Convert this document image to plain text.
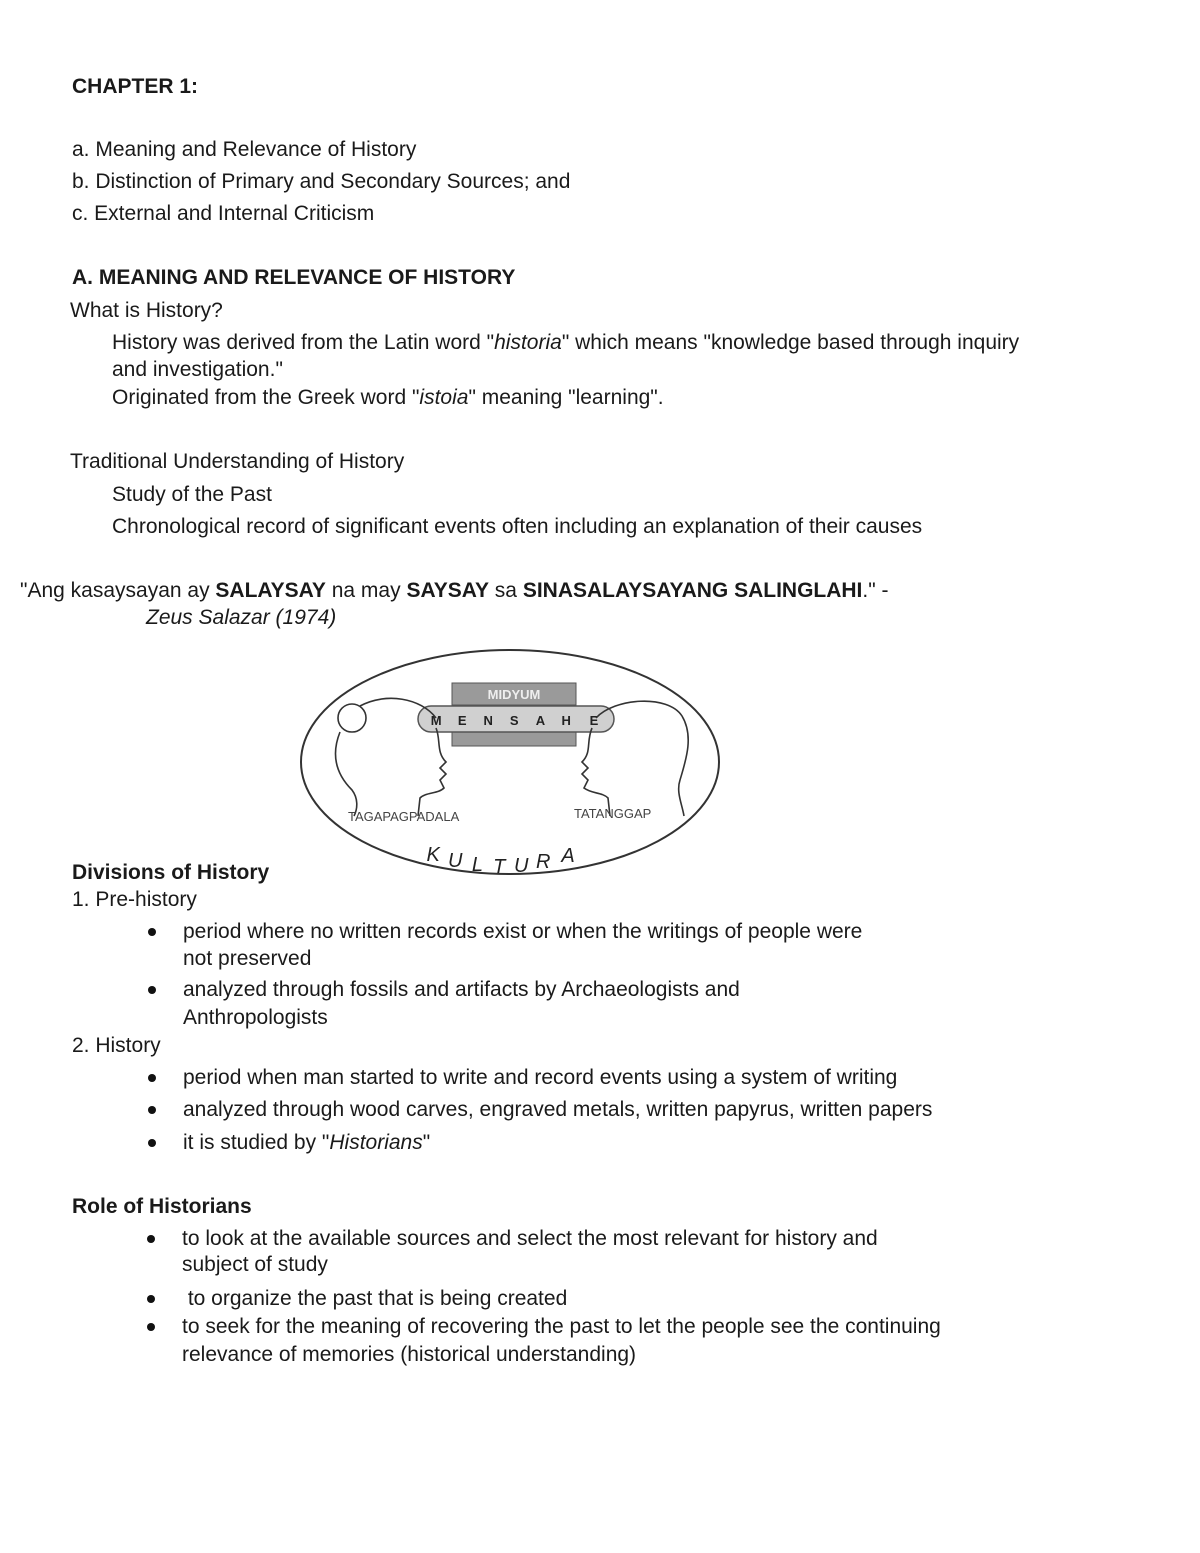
CHAPTER 1:
a. Meaning and Relevance of History
b. Distinction of Primary and Secondary Sources; and
c. External and Internal Criticism
A. MEANING AND RELEVANCE OF HISTORY
What is History?
History was derived from the Latin word "historia" which means "knowledge based through inquiry
and investigation."
Originated from the Greek word "istoia" meaning "learning".
Traditional Understanding of History
Study of the Past
Chronological record of significant events often including an explanation of their causes
"Ang kasaysayan ay SALAYSAY na may SAYSAY sa SINASALAYSAYANG SALINGLAHI." -
Zeus Salazar (1974)
MIDYUM
M E N S A H E
TAGAPAGPADALA	TATANGGAP
K U L T U R A
Divisions of History
1. Pre-history
period where no written records exist or when the writings of people were
not preserved
analyzed through fossils and artifacts by Archaeologists and
Anthropologists
2. History
period when man started to write and record events using a system of writing
analyzed through wood carves, engraved metals, written papyrus, written papers
it is studied by "Historians"
Role of Historians
to look at the available sources and select the most relevant for history and
subject of study
to organize the past that is being created
to seek for the meaning of recovering the past to let the people see the continuing
relevance of memories (historical understanding)
